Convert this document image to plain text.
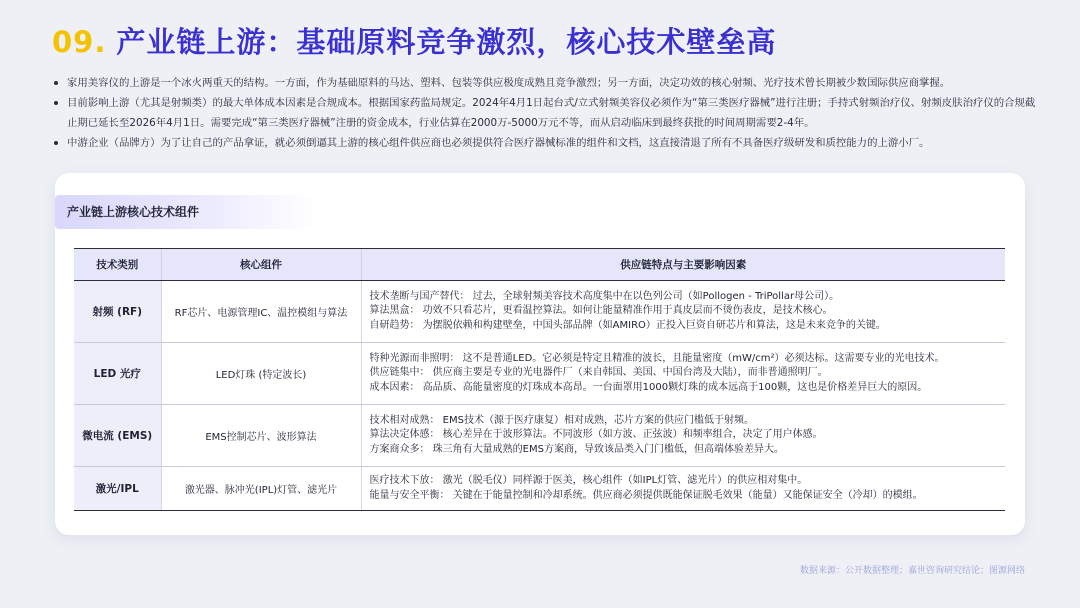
09. 产业链上游：基础原料竞争激烈，核心技术壁垒高
家用美容仪的上游是一个冰火两重天的结构。一方面，作为基础原料的马达、塑料、包装等供应极度成熟且竞争激烈；另一方面，决定功效的核心射频、光疗技术曾长期被少数国际供应商掌握。
目前影响上游（尤其是射频类）的最大单体成本因素是合规成本。根据国家药监局规定。2024年4月1日起台式/立式射频美容仪必须作为“第三类医疗器械”进行注册；手持式射频治疗仪、射频皮肤治疗仪的合规截止期已延长至2026年4月1日。需要完成“第三类医疗器械”注册的资金成本，行业估算在2000万-5000万元不等，而从启动临床到最终获批的时间周期需要2-4年。
中游企业（品牌方）为了让自己的产品拿证，就必须倒逼其上游的核心组件供应商也必须提供符合医疗器械标准的组件和文档，这直接清退了所有不具备医疗级研发和质控能力的上游小厂。
产业链上游核心技术组件
技术类别	核心组件	供应链特点与主要影响因素
射频 (RF)	RF芯片、电源管理IC、温控模组与算法	技术垄断与国产替代： 过去，全球射频美容技术高度集中在以色列公司（如Pollogen - TriPollar母公司）。
算法黑盒： 功效不只看芯片，更看温控算法。如何让能量精准作用于真皮层而不烫伤表皮，是技术核心。
自研趋势： 为摆脱依赖和构建壁垒，中国头部品牌（如AMIRO）正投入巨资自研芯片和算法，这是未来竞争的关键。

LED 光疗	LED灯珠 (特定波长)	特种光源而非照明： 这不是普通LED。它必须是特定且精准的波长，且能量密度（mW/cm²）必须达标。这需要专业的光电技术。
供应链集中： 供应商主要是专业的光电器件厂（来自韩国、美国、中国台湾及大陆），而非普通照明厂。
成本因素： 高品质、高能量密度的灯珠成本高昂。一台面罩用1000颗灯珠的成本远高于100颗，这也是价格差异巨大的原因。

微电流 (EMS)	EMS控制芯片、波形算法	技术相对成熟： EMS技术（源于医疗康复）相对成熟，芯片方案的供应门槛低于射频。
算法决定体感： 核心差异在于波形算法。不同波形（如方波、正弦波）和频率组合，决定了用户体感。
方案商众多： 珠三角有大量成熟的EMS方案商，导致该品类入门门槛低，但高端体验差异大。

激光/IPL	激光器、脉冲光(IPL)灯管、滤光片	医疗技术下放： 激光（脱毛仪）同样源于医美，核心组件（如IPL灯管、滤光片）的供应相对集中。
能量与安全平衡： 关键在于能量控制和冷却系统。供应商必须提供既能保证脱毛效果（能量）又能保证安全（冷却）的模组。
数据来源：公开数据整理；嘉世咨询研究结论；图源网络
